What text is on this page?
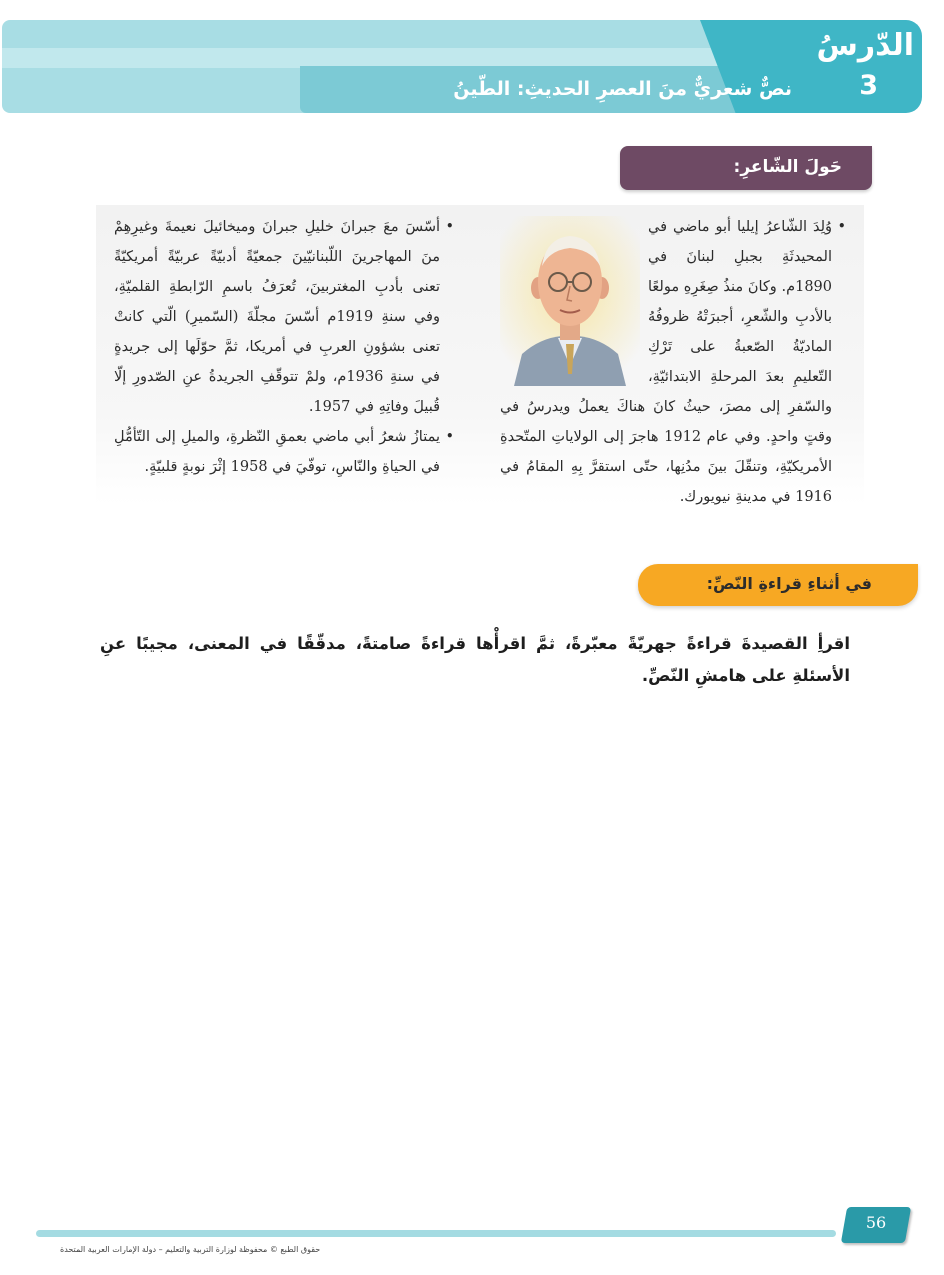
الدّرسُ
3
نصٌّ شعريٌّ منَ العصرِ الحديثِ: الطّينُ
حَولَ الشّاعرِ:

• وُلِدَ الشّاعرُ إيليا أبو ماضي في المحيدثَةِ بجبلِ لبنانَ في 1890م. وكانَ منذُ صِغَرِهِ مولعًا بالأدبِ والشّعرِ، أجبرَتْهُ ظروفُهُ الماديّةُ الصّعبةُ على تَرْكِ التّعليمِ بعدَ المرحلةِ الابتدائيّةِ، والسّفرِ إلى مصرَ، حيثُ كانَ هناكَ يعملُ ويدرسُ في وقتٍ واحدٍ. وفي عام 1912 هاجرَ إلى الولاياتِ المتّحدةِ الأمريكيّةِ، وتنقّلَ بينَ مدُنِها، حتّى استقرَّ بِهِ المقامُ في 1916 في مدينةِ نيويورك.

• أسّسَ معَ جبرانَ خليلِ جبرانَ وميخائيلَ نعيمةَ وغيرِهِمْ منَ المهاجرينَ اللّبنانيّينَ جمعيّةً أدبيّةً عربيّةً أمريكيّةً تعنى بأدبِ المغتربينَ، تُعرَفُ باسمِ الرّابطةِ القلميّةِ، وفي سنةِ 1919م أسّسَ مجلّةَ (السّميرِ) الّتي كانتْ تعنى بشؤونِ العربِ في أمريكا، ثمَّ حوّلَها إلى جريدةٍ في سنةِ 1936م، ولمْ تتوقّفِ الجريدةُ عنِ الصّدورِ إلّا قُبيلَ وفاتِهِ في 1957.

• يمتازُ شعرُ أبي ماضي بعمقِ النّظرةِ، والميلِ إلى التّأمُّلِ في الحياةِ والنّاسِ، توفّيَ في 1958 إثْرَ نوبةٍ قلبيّةٍ.

في أثناءِ قراءةِ النّصِّ:
اقرأِ القصيدةَ قراءةً جهريّةً معبّرةً، ثمَّ اقرأْها قراءةً صامتةً، مدقّقًا في المعنى، مجيبًا عنِ الأسئلةِ على هامشِ النّصِّ.
56
حقوق الطبع © محفوظة لوزارة التربية والتعليم – دولة الإمارات العربية المتحدة
